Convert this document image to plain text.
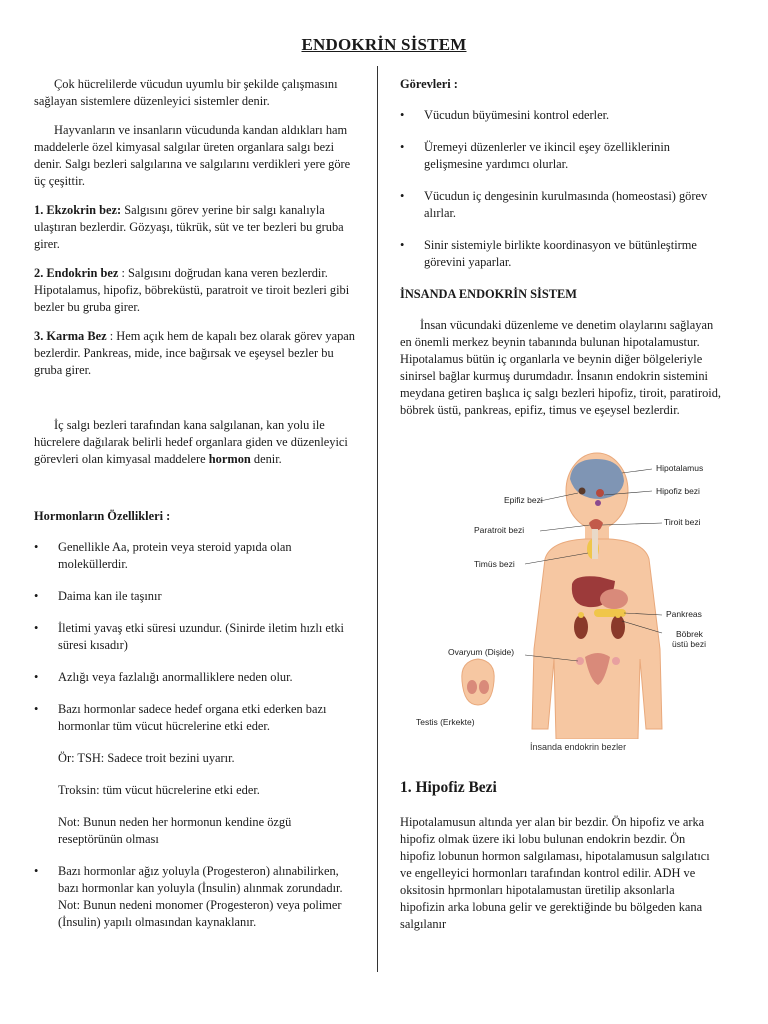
ENDOKRİN SİSTEM

Çok hücrelilerde vücudun uyumlu bir şekilde çalışmasını sağlayan sistemlere düzenleyici sistemler denir.

Hayvanların ve insanların vücudunda kandan aldıkları ham maddelerle özel kimyasal salgılar üreten organlara salgı bezi denir. Salgı bezleri salgılarına ve salgılarını verdikleri yere göre üç çeşittir.

1. Ekzokrin bez: Salgısını görev yerine bir salgı kanalıyla ulaştıran bezlerdir. Gözyaşı, tükrük, süt ve ter bezleri bu gruba girer.

2. Endokrin bez : Salgısını doğrudan kana veren bezlerdir. Hipotalamus, hipofiz, böbreküstü, paratroit ve tiroit bezleri gibi bezler bu gruba girer.

3. Karma Bez : Hem açık hem de kapalı bez olarak görev yapan bezlerdir. Pankreas, mide, ince bağırsak ve eşeysel bezler bu gruba girer.

İç salgı bezleri tarafından kana salgılanan, kan yolu ile hücrelere dağılarak belirli hedef organlara giden ve düzenleyici görevleri olan kimyasal maddelere hormon denir.

Hormonların Özellikleri :

• Genellikle Aa, protein veya steroid yapıda olan moleküllerdir.
• Daima kan ile taşınır
• İletimi yavaş etki süresi uzundur. (Sinirde iletim hızlı etki süresi kısadır)
• Azlığı veya fazlalığı anormalliklere neden olur.
• Bazı hormonlar sadece hedef organa etki ederken bazı hormonlar tüm vücut hücrelerine etki eder.
Ör: TSH: Sadece troit bezini uyarır.
Troksin: tüm vücut hücrelerine etki eder.
Not: Bunun neden her hormonun kendine özgü reseptörünün olması
• Bazı hormonlar ağız yoluyla (Progesteron) alınabilirken, bazı hormonlar kan yoluyla (İnsulin) alınmak zorundadır. Not: Bunun nedeni monomer (Progesteron) veya polimer (İnsulin) yapılı olmasından kaynaklanır.

Görevleri :

• Vücudun büyümesini kontrol ederler.
• Üremeyi düzenlerler ve ikincil eşey özelliklerinin gelişmesine yardımcı olurlar.
• Vücudun iç dengesinin kurulmasında (homeostasi) görev alırlar.
• Sinir sistemiyle birlikte koordinasyon ve bütünleştirme görevini yaparlar.

İNSANDA ENDOKRİN SİSTEM

İnsan vücundaki düzenleme ve denetim olaylarını sağlayan en önemli merkez beynin tabanında bulunan hipotalamustur. Hipotalamus bütün iç organlarla ve beynin diğer bölgeleriyle sinirsel bağlar kurmuş durumdadır. İnsanın endokrin sistemini meydana getiren başlıca iç salgı bezleri hipofiz, tiroit, paratiroid, böbrek üstü, pankreas, epifiz, timus ve eşeysel bezlerdir.

Hipotalamus
Hipofiz bezi
Epifiz bezi
Paratroit bezi
Tiroit bezi
Timüs bezi
Pankreas
Böbrek
üstü bezi
Ovaryum (Dişide)
Testis (Erkekte)
İnsanda endokrin bezler

1. Hipofiz Bezi

Hipotalamusun altında yer alan bir bezdir. Ön hipofiz ve arka hipofiz olmak üzere iki lobu bulunan endokrin bezdir. Ön hipofiz lobunun hormon salgılaması, hipotalamusun salgılatıcı ve engelleyici hormonları tarafından kontrol edilir. ADH ve oksitosin hprmonları hipotalamustan üretilip aksonlarla hipofizin arka lobuna gelir ve gerektiğinde bu bölgeden kana salgılanır
